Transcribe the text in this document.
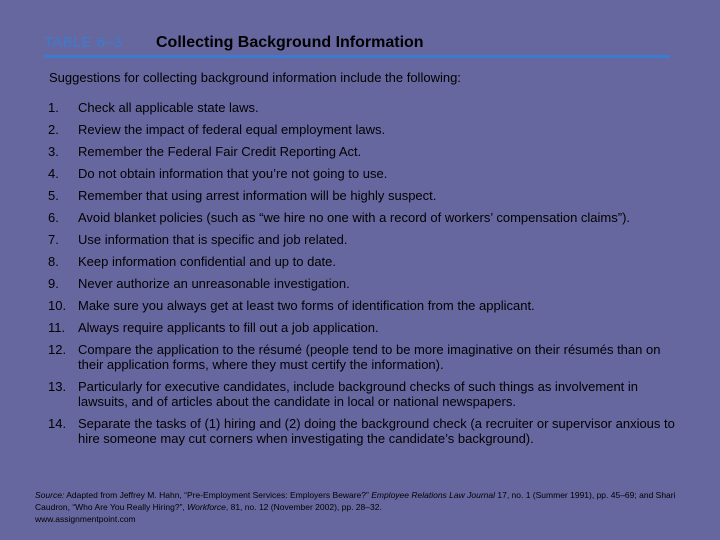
TABLE 6–3 Collecting Background Information
Suggestions for collecting background information include the following:
1.	Check all applicable state laws.
2.	Review the impact of federal equal employment laws.
3.	Remember the Federal Fair Credit Reporting Act.
4.	Do not obtain information that you’re not going to use.
5.	Remember that using arrest information will be highly suspect.
6.	Avoid blanket policies (such as “we hire no one with a record of workers’ compensation claims”).
7.	Use information that is specific and job related.
8.	Keep information confidential and up to date.
9.	Never authorize an unreasonable investigation.
10. Make sure you always get at least two forms of identification from the applicant.
11. Always require applicants to fill out a job application.
12. Compare the application to the résumé (people tend to be more imaginative on their résumés than on their application forms, where they must certify the information).
13. Particularly for executive candidates, include background checks of such things as involvement in lawsuits, and of articles about the candidate in local or national newspapers.
14. Separate the tasks of (1) hiring and (2) doing the background check (a recruiter or supervisor anxious to hire someone may cut corners when investigating the candidate’s background).
Source: Adapted from Jeffrey M. Hahn, “Pre-Employment Services: Employers Beware?” Employee Relations Law Journal 17, no. 1 (Summer 1991), pp. 45–69; and Shari Caudron, “Who Are You Really Hiring?”, Workforce, 81, no. 12 (November 2002), pp. 28–32.
www.assignmentpoint.com
